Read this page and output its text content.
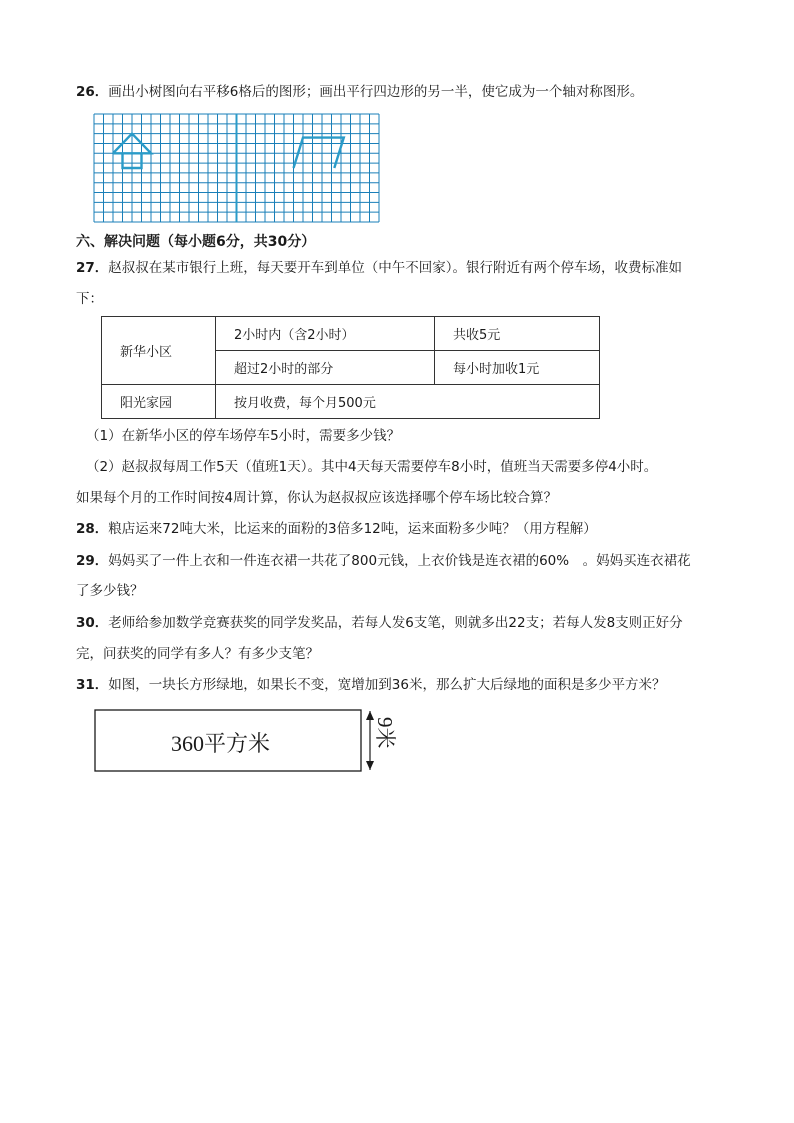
26．画出小树图向右平移6格后的图形；画出平行四边形的另一半，使它成为一个轴对称图形。
六、解决问题（每小题6分，共30分）
27．赵叔叔在某市银行上班，每天要开车到单位（中午不回家）。银行附近有两个停车场，收费标准如
下：
新华小区	2小时内（含2小时）	共收5元
	超过2小时的部分	每小时加收1元
阳光家园	按月收费，每个月500元	
（1）在新华小区的停车场停车5小时，需要多少钱？
（2）赵叔叔每周工作5天（值班1天）。其中4天每天需要停车8小时，值班当天需要多停4小时。
如果每个月的工作时间按4周计算，你认为赵叔叔应该选择哪个停车场比较合算？
28．粮店运来72吨大米，比运来的面粉的3倍多12吨，运来面粉多少吨？（用方程解）
29．妈妈买了一件上衣和一件连衣裙一共花了800元钱，上衣价钱是连衣裙的60%　。妈妈买连衣裙花
了多少钱？
30．老师给参加数学竞赛获奖的同学发奖品，若每人发6支笔，则就多出22支；若每人发8支则正好分
完，问获奖的同学有多人？有多少支笔？
31．如图，一块长方形绿地，如果长不变，宽增加到36米，那么扩大后绿地的面积是多少平方米？
360平方米	9米
